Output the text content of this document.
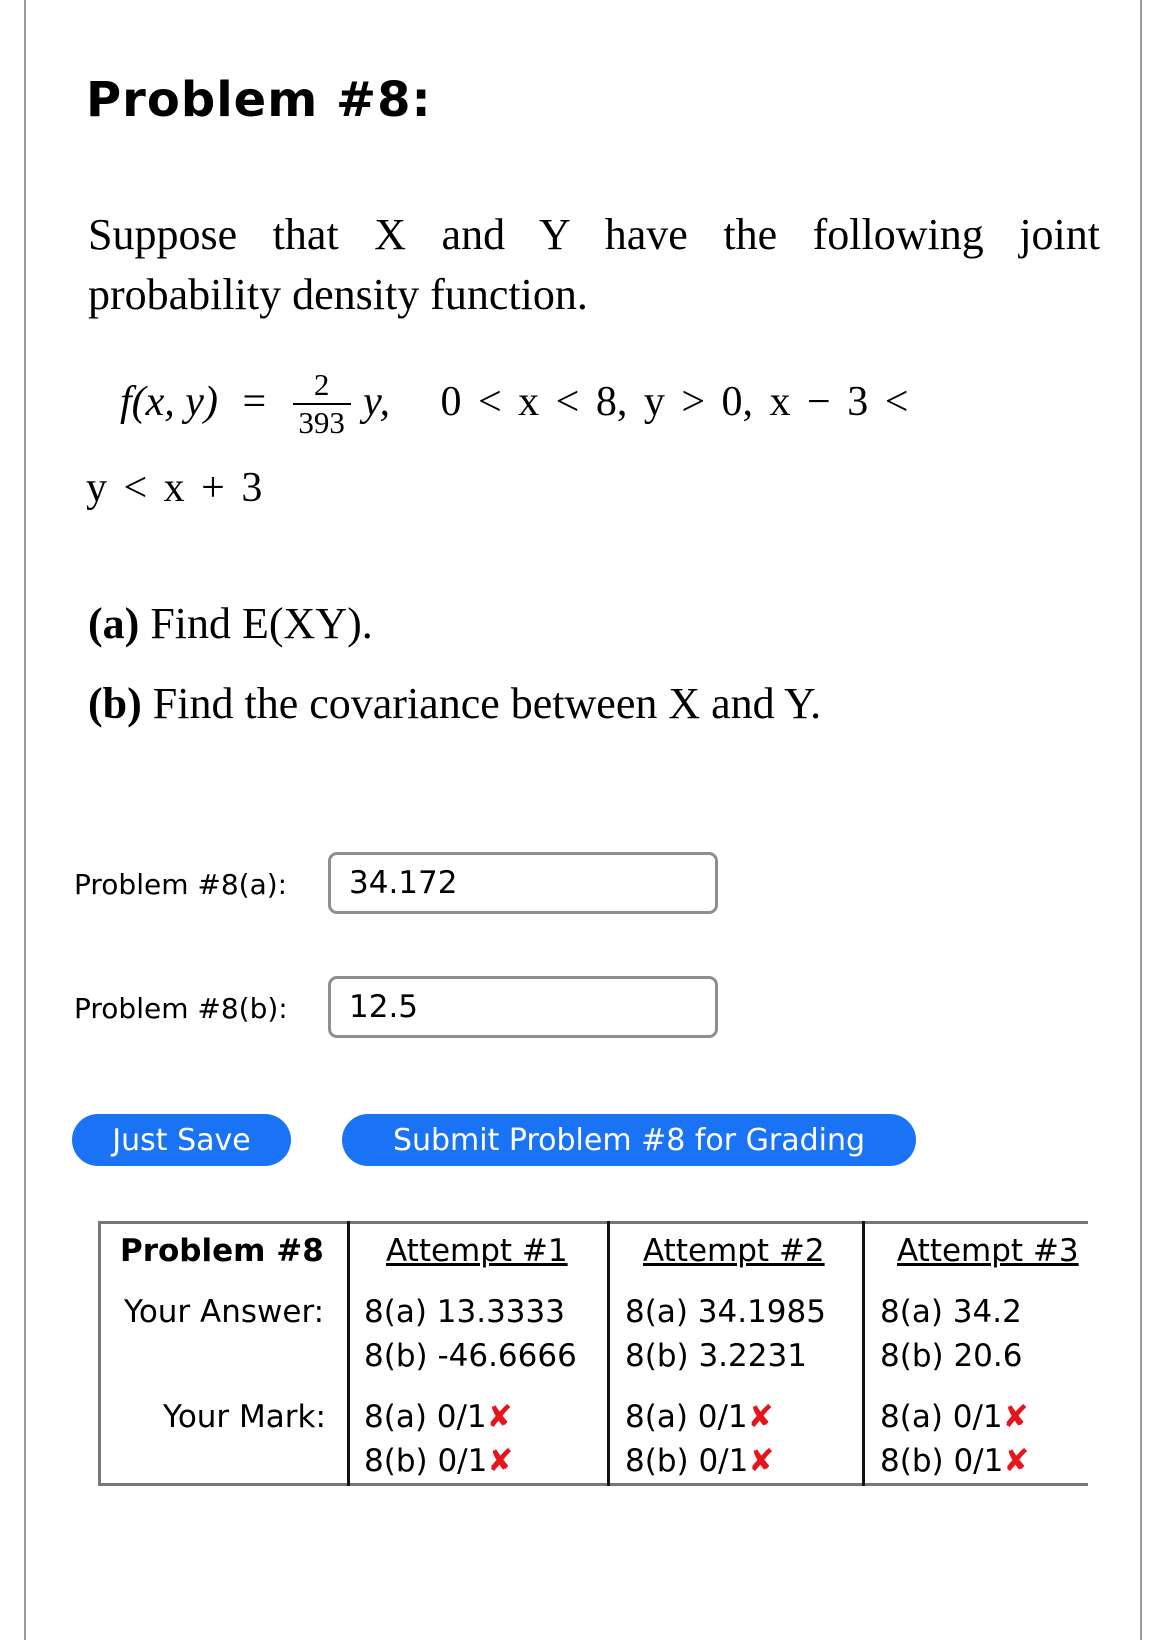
Problem #8:
Suppose that X and Y have the following joint probability density function.
f(x, $y) = \frac{2}{393} y$, 0 < x < 8, y > 0, x − 3 <
y < x + 3
(a) Find E(XY).
(b) Find the covariance between X and Y.
Problem #8(a):
34.172
Problem #8(b):
12.5
Just Save	Submit Problem #8 for Grading
Problem #8 Attempt #1 Attempt #2 Attempt #3
Your Answer: 8(a) 13.3333
8(b) -46.6666
8(a) 34.1985
8(b) 3.2231
8(a) 34.2
8(b) 20.6
Your Mark: 8(a) 0/1✘
8(b) 0/1✘
8(a) 0/1✘
8(b) 0/1✘
8(a) 0/1✘
8(b) 0/1✘
